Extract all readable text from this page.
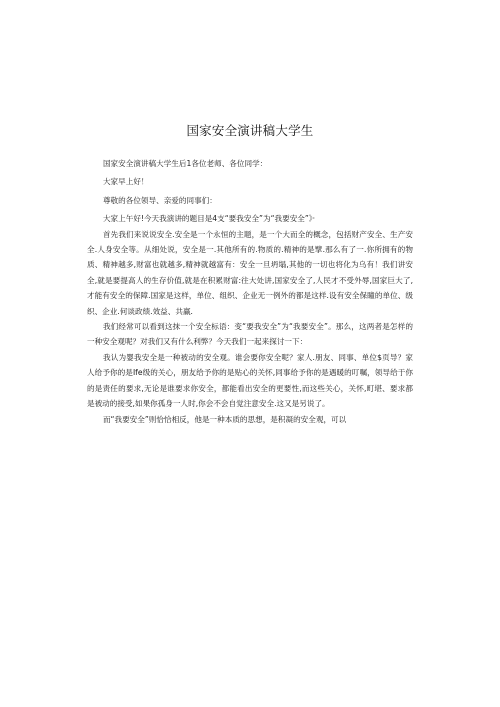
国家安全演讲稿大学生

国家安全演讲稿大学生后1各位老师、各位同学：

大家早上好！

尊敬的各位领导、亲爱的同事们：

大家上午好!今天我演讲的题目是4支“要我安全”为“我要安全”》·

首先我们来说说安全.安全是一个永恒的主题，是一个大而全的概念，包括财产安全、生产安全.人身安全等。从细处说，安全是一.其他所有的.物质的.精神的是擘.那么有了一.你所拥有的物质、精神越多,财富也就越多,精神就越富有：安全一旦坍塌,其他的一切也将化为乌有！我们讲安全,就是要提高人的生存价值,就是在积累财富:往大处讲,国家安全了,人民才不受外辱,国家巨大了,才能有安全的保障.国家是这样，单位、组织、企业无一例外的都是这样.设有安全保瞳的单位、级织、企业.何谈政绩.效益、共赢.

我们经常可以看到这抹一个安全标语：变“要我安全”为“我要安全”。那么，这两者是怎样的一种安全观呢？对我们又有什么利弊？今天我们一起来探讨一下：

我认为婴我安全是一种被动的安全观。谁会要你安全呢？家人.朋友、同事、单位$页导？家人给予你的是Ife级的关心，朋友给予你的是贴心的关怀,同事给予你的是遇暖的叮嘱，领导给于你的是责任的要求,无论是谁要求你安全，都能看出安全的更要性,而这些关心，关怀,町堪、要求都是被动的接受,如果你孤身一人时,你会不会自觉注意安全.这又是另说了。

而“我要安全”则恰恰相反，他是一种本质的思想，是积凝的安全观，可以
